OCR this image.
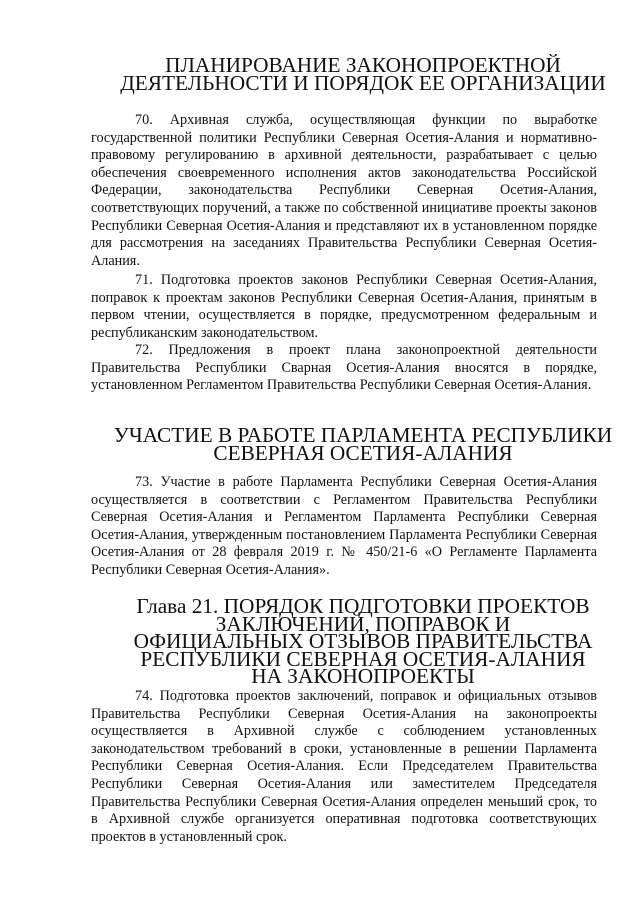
ПЛАНИРОВАНИЕ ЗАКОНОПРОЕКТНОЙ ДЕЯТЕЛЬНОСТИ И ПОРЯДОК ЕЕ ОРГАНИЗАЦИИ

70. Архивная служба, осуществляющая функции по выработке государственной политики Республики Северная Осетия-Алания и нормативно-правовому регулированию в архивной деятельности, разрабатывает с целью обеспечения своевременного исполнения актов законодательства Российской Федерации, законодательства Республики Северная Осетия-Алания, соответствующих поручений, а также по собственной инициативе проекты законов Республики Северная Осетия-Алания и представляют их в установленном порядке для рассмотрения на заседаниях Правительства Республики Северная Осетия-Алания.

71. Подготовка проектов законов Республики Северная Осетия-Алания, поправок к проектам законов Республики Северная Осетия-Алания, принятым в первом чтении, осуществляется в порядке, предусмотренном федеральным и республиканским законодательством.

72. Предложения в проект плана законопроектной деятельности Правительства Республики Сварная Осетия-Алания вносятся в порядке, установленном Регламентом Правительства Республики Северная Осетия-Алания.

УЧАСТИЕ В РАБОТЕ ПАРЛАМЕНТА РЕСПУБЛИКИ СЕВЕРНАЯ ОСЕТИЯ-АЛАНИЯ

73. Участие в работе Парламента Республики Северная Осетия-Алания осуществляется в соответствии с Регламентом Правительства Республики Северная Осетия-Алания и Регламентом Парламента Республики Северная Осетия-Алания, утвержденным постановлением Парламента Республики Северная Осетия-Алания от 28 февраля 2019 г. № 450/21-6 «О Регламенте Парламента Республики Северная Осетия-Алания».

Глава 21. ПОРЯДОК ПОДГОТОВКИ ПРОЕКТОВ ЗАКЛЮЧЕНИЙ, ПОПРАВОК И ОФИЦИАЛЬНЫХ ОТЗЫВОВ ПРАВИТЕЛЬСТВА РЕСПУБЛИКИ СЕВЕРНАЯ ОСЕТИЯ-АЛАНИЯ НА ЗАКОНОПРОЕКТЫ

74. Подготовка проектов заключений, поправок и официальных отзывов Правительства Республики Северная Осетия-Алания на законопроекты осуществляется в Архивной службе с соблюдением установленных законодательством требований в сроки, установленные в решении Парламента Республики Северная Осетия-Алания. Если Председателем Правительства Республики Северная Осетия-Алания или заместителем Председателя Правительства Республики Северная Осетия-Алания определен меньший срок, то в Архивной службе организуется оперативная подготовка соответствующих проектов в установленный срок.
